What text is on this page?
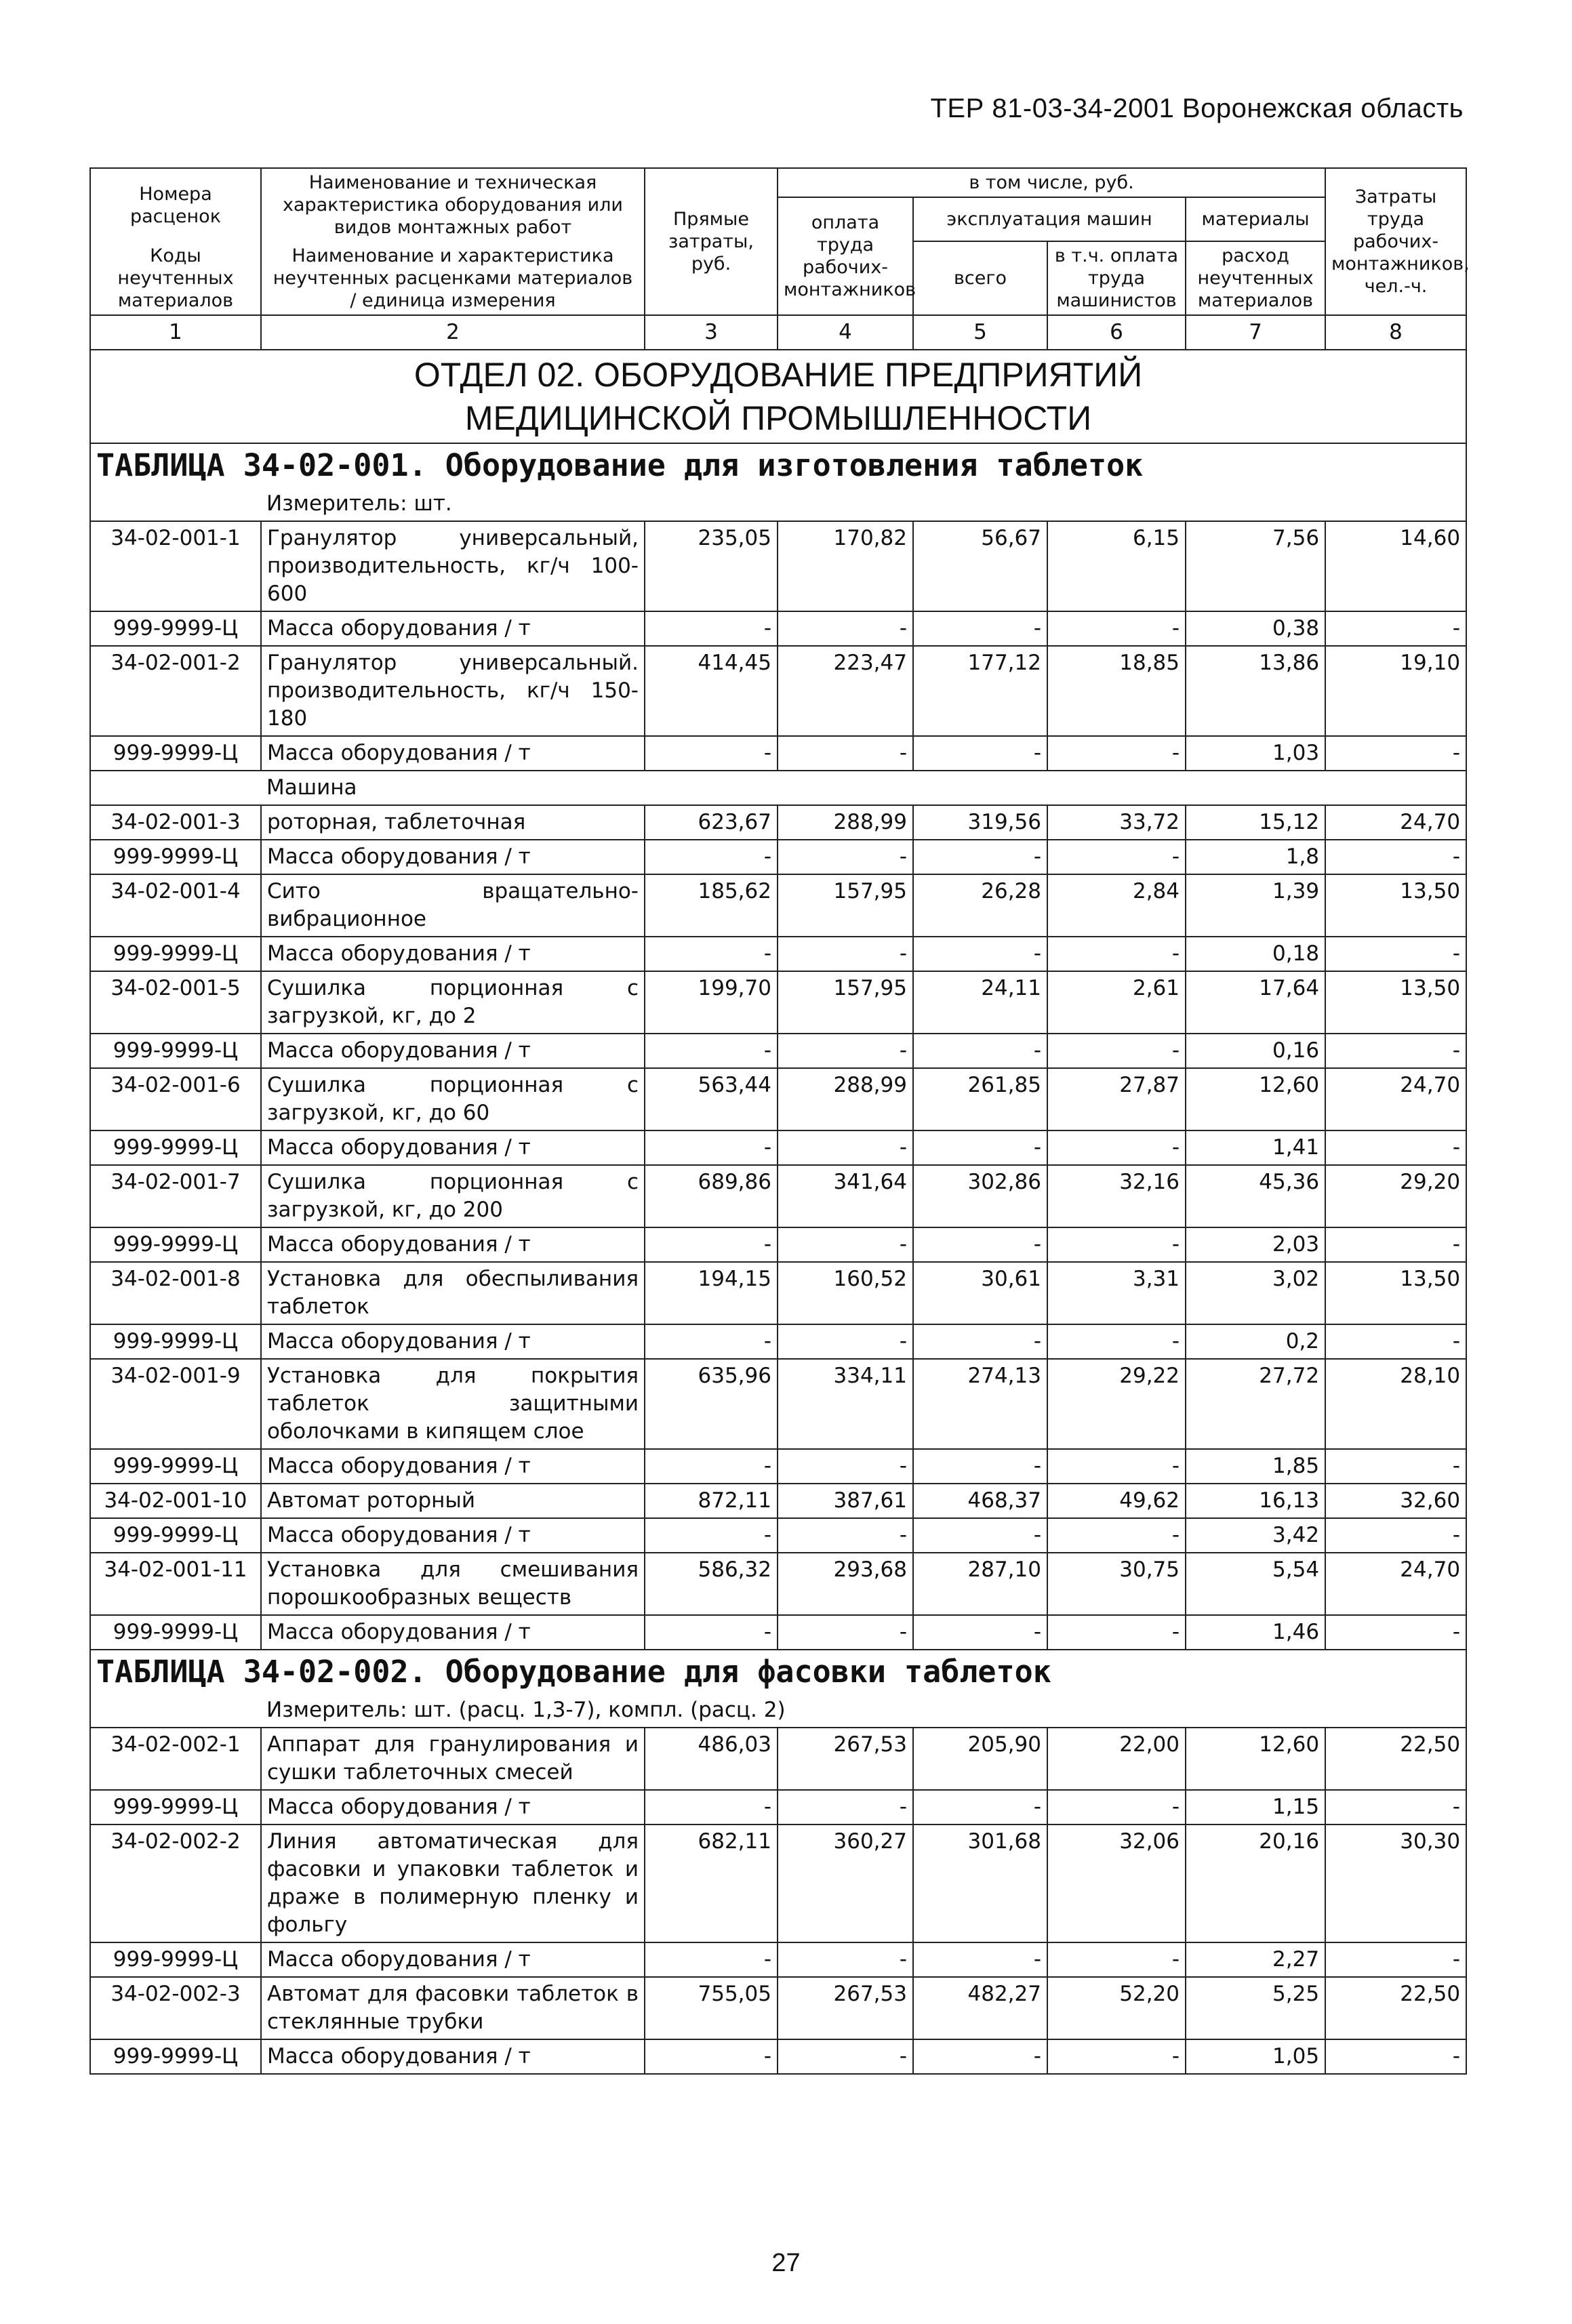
ТЕР 81-03-34-2001 Воронежская область
Номера расценок	Наименование и техническая характеристика оборудования или видов монтажных работ	Прямые затраты, руб.	в том числе, руб.				Затраты труда рабочих-монтажников, чел.-ч.
			оплата труда рабочих-монтажников	эксплуатация машин		материалы	
Коды неучтенных материалов	Наименование и характеристика неучтенных расценками материалов / единица измерения			всего	в т.ч. оплата труда машинистов	расход неучтенных материалов	

1	2	3	4	5	6	7	8

ОТДЕЛ 02. ОБОРУДОВАНИЕ ПРЕДПРИЯТИЙ
МЕДИЦИНСКОЙ ПРОМЫШЛЕННОСТИ							

ТАБЛИЦА 34-02-001. Оборудование для изготовления таблеток							
	Измеритель: шт.						
34-02-001-1	Гранулятор универсальный, производительность, кг/ч 100-600	235,05	170,82	56,67	6,15	7,56	14,60
999-9999-Ц	Масса оборудования / т	-	-	-	-	0,38	-
34-02-001-2	Гранулятор универсальный. производительность, кг/ч 150-180	414,45	223,47	177,12	18,85	13,86	19,10
999-9999-Ц	Масса оборудования / т	-	-	-	-	1,03	-
	Машина						
34-02-001-3	роторная, таблеточная	623,67	288,99	319,56	33,72	15,12	24,70
999-9999-Ц	Масса оборудования / т	-	-	-	-	1,8	-
34-02-001-4	Сито вращательно-вибрационное	185,62	157,95	26,28	2,84	1,39	13,50
999-9999-Ц	Масса оборудования / т	-	-	-	-	0,18	-
34-02-001-5	Сушилка порционная с загрузкой, кг, до 2	199,70	157,95	24,11	2,61	17,64	13,50
999-9999-Ц	Масса оборудования / т	-	-	-	-	0,16	-
34-02-001-6	Сушилка порционная с загрузкой, кг, до 60	563,44	288,99	261,85	27,87	12,60	24,70
999-9999-Ц	Масса оборудования / т	-	-	-	-	1,41	-
34-02-001-7	Сушилка порционная с загрузкой, кг, до 200	689,86	341,64	302,86	32,16	45,36	29,20
999-9999-Ц	Масса оборудования / т	-	-	-	-	2,03	-
34-02-001-8	Установка для обеспыливания таблеток	194,15	160,52	30,61	3,31	3,02	13,50
999-9999-Ц	Масса оборудования / т	-	-	-	-	0,2	-
34-02-001-9	Установка для покрытия таблеток защитными оболочками в кипящем слое	635,96	334,11	274,13	29,22	27,72	28,10
999-9999-Ц	Масса оборудования / т	-	-	-	-	1,85	-
34-02-001-10	Автомат роторный	872,11	387,61	468,37	49,62	16,13	32,60
999-9999-Ц	Масса оборудования / т	-	-	-	-	3,42	-
34-02-001-11	Установка для смешивания порошкообразных веществ	586,32	293,68	287,10	30,75	5,54	24,70
999-9999-Ц	Масса оборудования / т	-	-	-	-	1,46	-
ТАБЛИЦА 34-02-002. Оборудование для фасовки таблеток							
	Измеритель: шт. (расц. 1,3-7), компл. (расц. 2)						
34-02-002-1	Аппарат для гранулирования и сушки таблеточных смесей	486,03	267,53	205,90	22,00	12,60	22,50
999-9999-Ц	Масса оборудования / т	-	-	-	-	1,15	-
34-02-002-2	Линия автоматическая для фасовки и упаковки таблеток и драже в полимерную пленку и фольгу	682,11	360,27	301,68	32,06	20,16	30,30
999-9999-Ц	Масса оборудования / т	-	-	-	-	2,27	-
34-02-002-3	Автомат для фасовки таблеток в стеклянные трубки	755,05	267,53	482,27	52,20	5,25	22,50
999-9999-Ц	Масса оборудования / т	-	-	-	-	1,05	-
27
